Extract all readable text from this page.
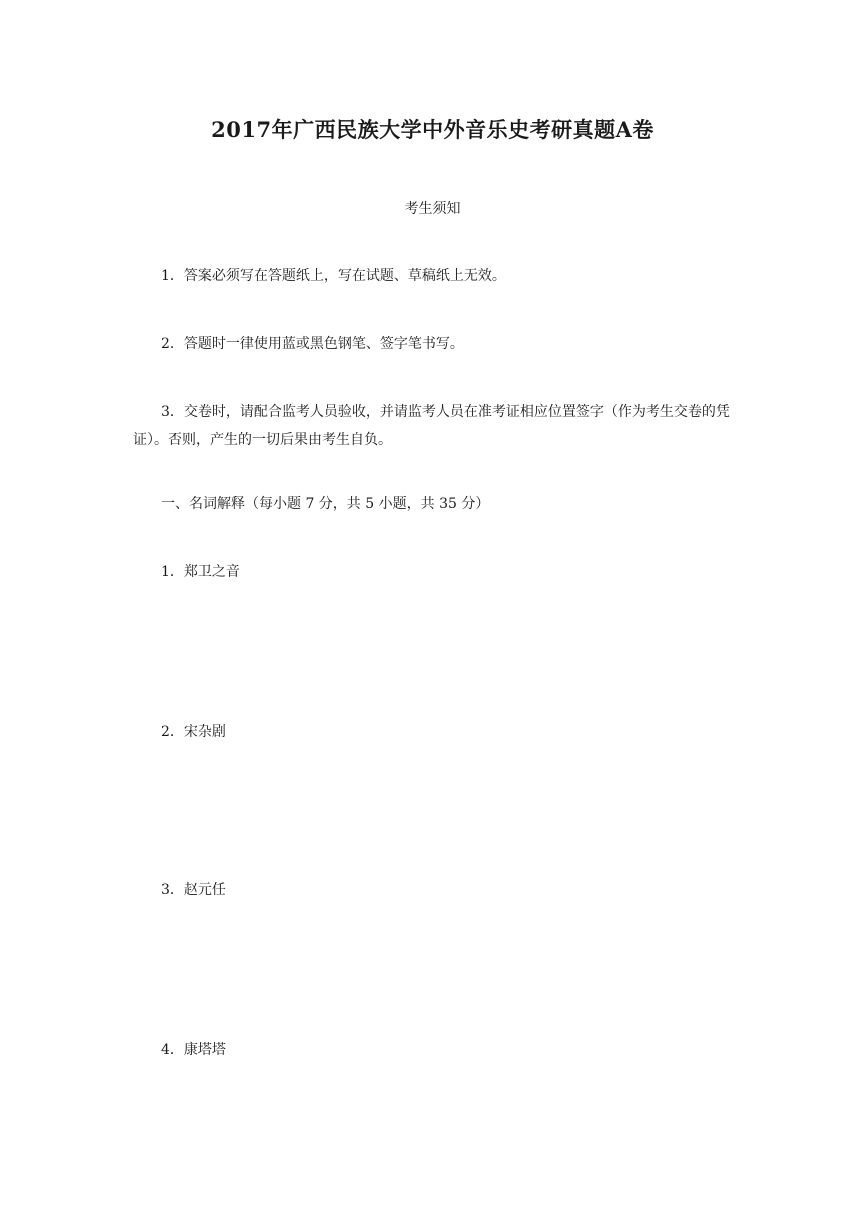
2017年广西民族大学中外音乐史考研真题A卷
考生须知
1．答案必须写在答题纸上，写在试题、草稿纸上无效。
2．答题时一律使用蓝或黑色钢笔、签字笔书写。
3．交卷时，请配合监考人员验收，并请监考人员在准考证相应位置签字（作为考生交卷的凭证）。否则，产生的一切后果由考生自负。
一、名词解释（每小题 7 分，共 5 小题，共 35 分）
1．郑卫之音
2．宋杂剧
3．赵元任
4．康塔塔
